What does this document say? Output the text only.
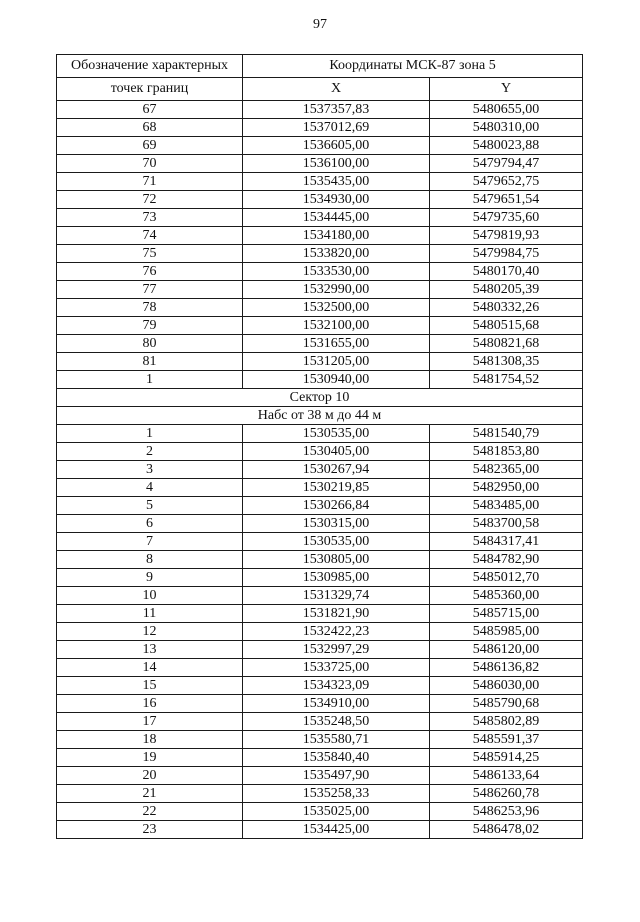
97
Обозначение характерных	Координаты МСК-87 зона 5	
точек границ	X	Y
67	1537357,83	5480655,00
68	1537012,69	5480310,00
69	1536605,00	5480023,88
70	1536100,00	5479794,47
71	1535435,00	5479652,75
72	1534930,00	5479651,54
73	1534445,00	5479735,60
74	1534180,00	5479819,93
75	1533820,00	5479984,75
76	1533530,00	5480170,40
77	1532990,00	5480205,39
78	1532500,00	5480332,26
79	1532100,00	5480515,68
80	1531655,00	5480821,68
81	1531205,00	5481308,35
1	1530940,00	5481754,52
Сектор 10		
Набс от 38 м до 44 м		
1	1530535,00	5481540,79
2	1530405,00	5481853,80
3	1530267,94	5482365,00
4	1530219,85	5482950,00
5	1530266,84	5483485,00
6	1530315,00	5483700,58
7	1530535,00	5484317,41
8	1530805,00	5484782,90
9	1530985,00	5485012,70
10	1531329,74	5485360,00
11	1531821,90	5485715,00
12	1532422,23	5485985,00
13	1532997,29	5486120,00
14	1533725,00	5486136,82
15	1534323,09	5486030,00
16	1534910,00	5485790,68
17	1535248,50	5485802,89
18	1535580,71	5485591,37
19	1535840,40	5485914,25
20	1535497,90	5486133,64
21	1535258,33	5486260,78
22	1535025,00	5486253,96
23	1534425,00	5486478,02
